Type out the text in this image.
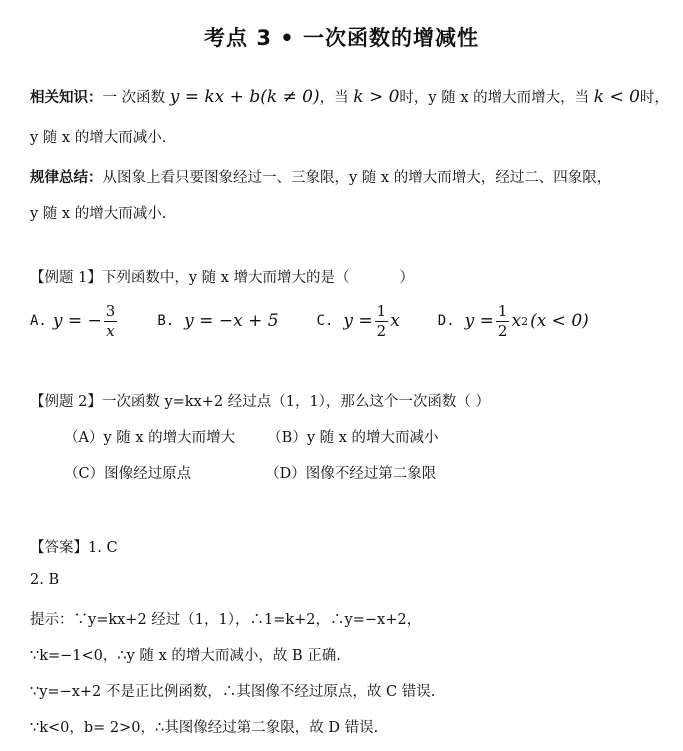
考点 3 • 一次函数的增减性
相关知识：一 次函数 y = kx + b(k ≠ 0)，当 k > 0时，y 随 x 的增大而增大，当 k < 0时，
y 随 x 的增大而减小.
规律总结：从图象上看只要图象经过一、三象限，y 随 x 的增大而增大，经过二、四象限，
y 随 x 的增大而减小.
【例题 1】下列函数中，y 随 x 增大而增大的是（	）
A. y = − $\frac{3}{x}$	B. y = −x + 5	C. $y = \frac{1}{2}$ x	D. $y = \frac{1}{2}$ x 2 (x < 0)
【例题 2】一次函数 y=kx+2 经过点（1，1），那么这个一次函数（ ）
（A）y 随 x 的增大而增大 （B）y 随 x 的增大而减小
（C）图像经过原点	（D）图像不经过第二象限
【答案】1. C
2. B
提示：∵y=kx+2 经过（1，1），∴1=k+2，∴y=−x+2，
∵k=−1<0，∴y 随 x 的增大而减小，故 B 正确.
∵y=−x+2 不是正比例函数，∴其图像不经过原点，故 C 错误.
∵k<0，b= 2>0，∴其图像经过第二象限，故 D 错误.
